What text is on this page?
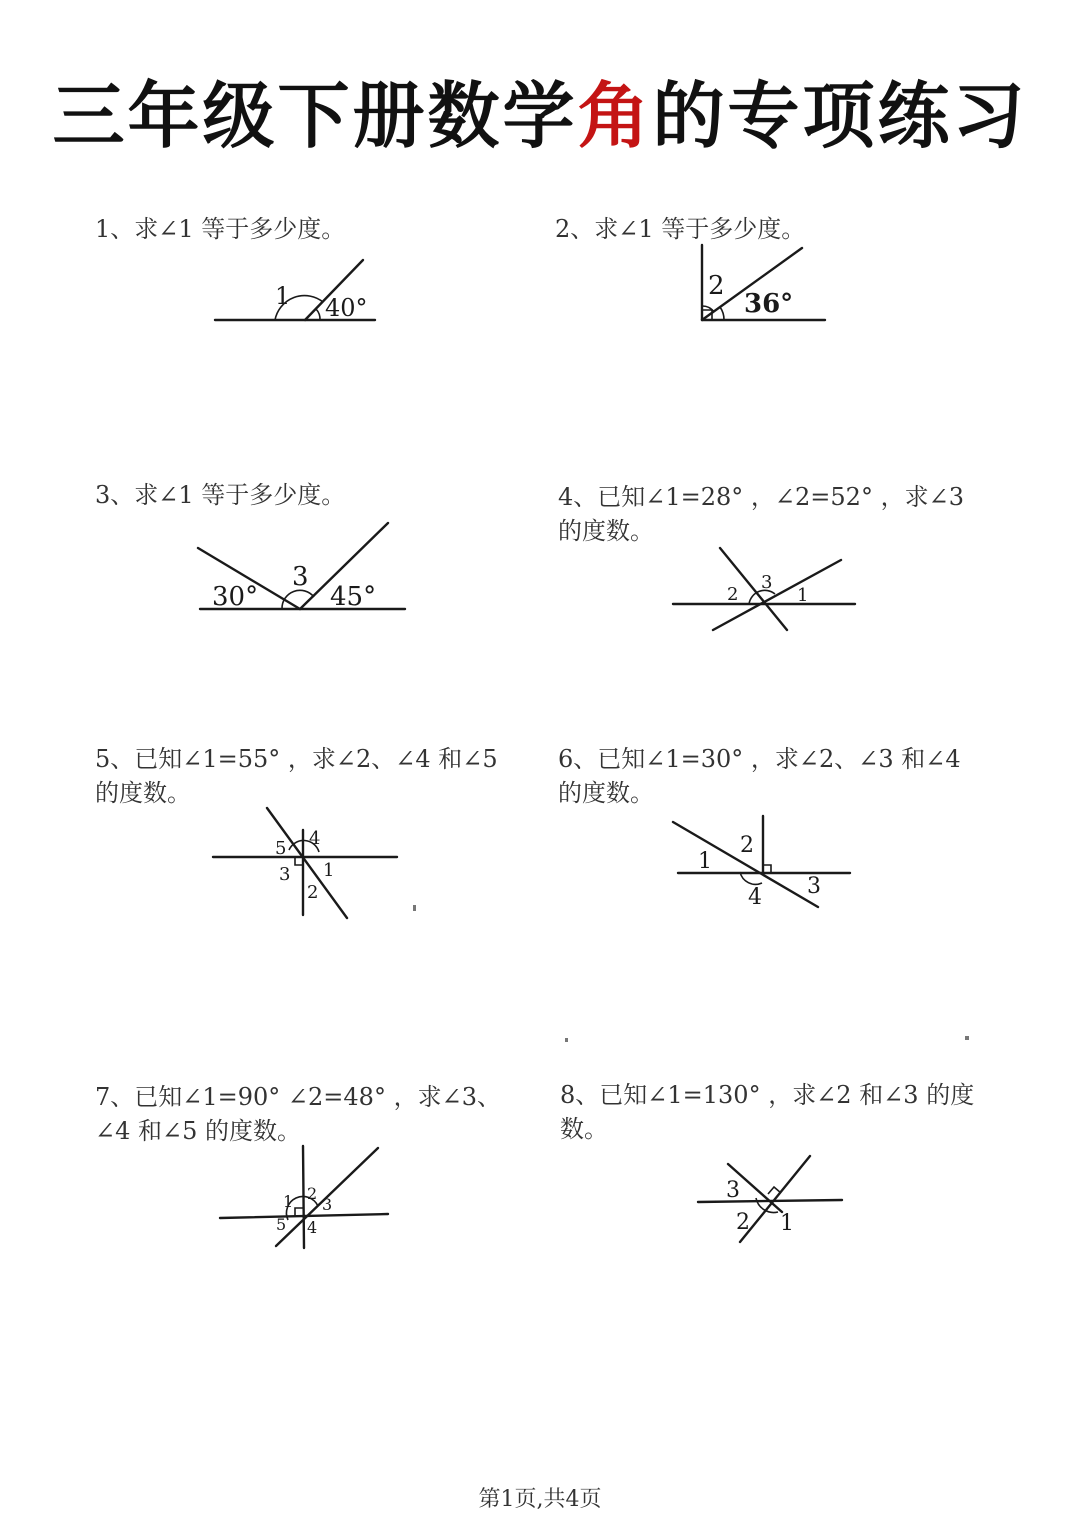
三年级下册数学角的专项练习
1、求∠1 等于多少度。
1 40°
2、求∠1 等于多少度。
2
36°
3、求∠1 等于多少度。
30°
3
45°
4、已知∠1=28° ，∠2=52° ，求∠3
的度数。
2
3
1
5、已知∠1=55° ，求∠2、∠4 和∠5
的度数。
5 4
3 1
2
6、已知∠1=30° ，求∠2、∠3 和∠4
的度数。
2
1
4 3
7、已知∠1=90° ∠2=48° ，求∠3、
∠4 和∠5 的度数。
1 2
3
5 4
8、已知∠1=130° ，求∠2 和∠3 的度
数。
3
2 1
第1页,共4页
